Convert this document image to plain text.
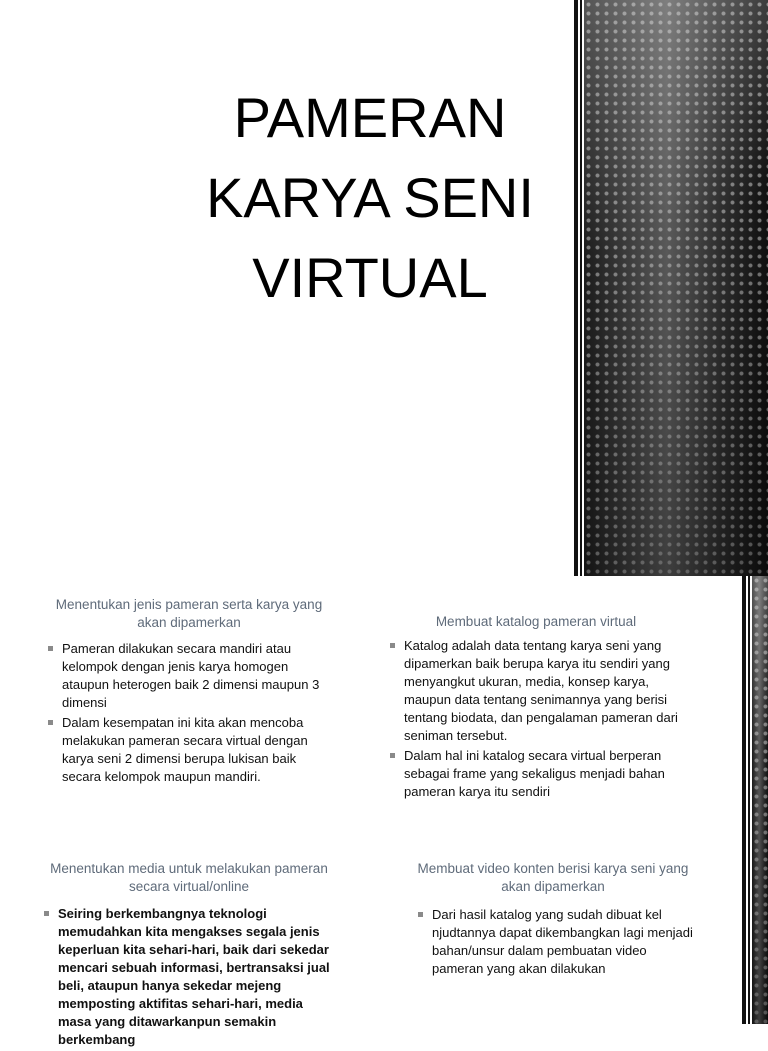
PAMERAN
KARYA SENI
VIRTUAL
Menentukan jenis pameran serta karya yang akan dipamerkan
Pameran dilakukan secara mandiri atau kelompok dengan jenis karya homogen ataupun heterogen baik 2 dimensi maupun 3 dimensi
Dalam kesempatan ini kita akan mencoba melakukan pameran secara virtual dengan karya seni 2 dimensi berupa lukisan baik secara kelompok maupun mandiri.
Membuat katalog pameran virtual
Katalog adalah data tentang karya seni yang dipamerkan baik berupa karya itu sendiri yang menyangkut ukuran, media, konsep karya, maupun data tentang senimannya yang berisi tentang biodata, dan pengalaman pameran dari seniman tersebut.
Dalam hal ini katalog secara virtual berperan sebagai frame yang sekaligus menjadi bahan pameran karya itu sendiri
Menentukan media untuk melakukan pameran secara virtual/online
Seiring berkembangnya teknologi memudahkan kita mengakses segala jenis keperluan kita sehari-hari, baik dari sekedar mencari sebuah informasi, bertransaksi jual beli, ataupun hanya sekedar mejeng memposting aktifitas sehari-hari, media masa yang ditawarkanpun semakin berkembang
Membuat video konten berisi karya seni yang akan dipamerkan
Dari hasil katalog yang sudah dibuat kel njudtannya dapat dikembangkan lagi menjadi bahan/unsur dalam pembuatan video pameran yang akan dilakukan
